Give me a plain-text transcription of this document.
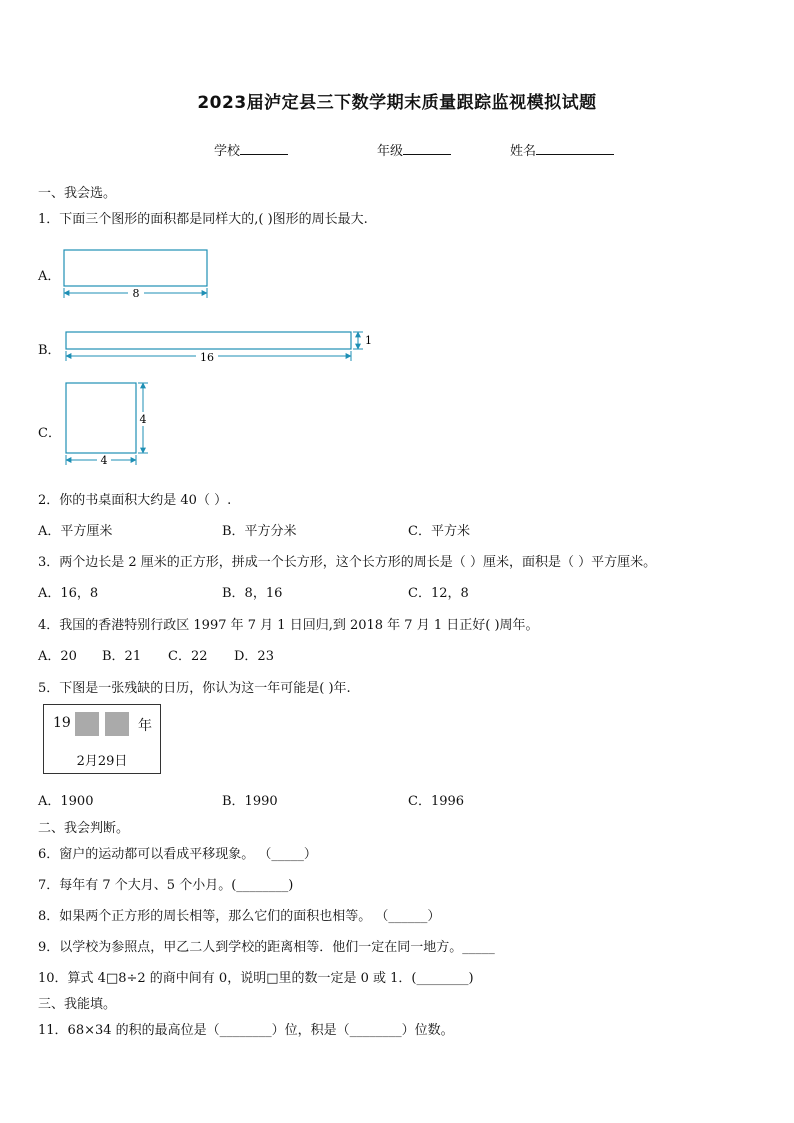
2023届泸定县三下数学期末质量跟踪监视模拟试题
学校	年级	姓名
一、我会选。
1．下面三个图形的面积都是同样大的,( )图形的周长最大.
A．
B．
C．
8
16
1
4
4
2．你的书桌面积大约是 40（ ）.
A．平方厘米	B．平方分米	C．平方米
3．两个边长是 2 厘米的正方形，拼成一个长方形，这个长方形的周长是（ ）厘米，面积是（ ）平方厘米。
A．16，8	B．8，16	C．12，8
4．我国的香港特别行政区 1997 年 7 月 1 日回归,到 2018 年 7 月 1 日正好( )周年。
A．20 B．21 C．22 D．23
5．下图是一张残缺的日历，你认为这一年可能是( )年.
19	年
2月29日
A．1900	B．1990	C．1996
二、我会判断。
6．窗户的运动都可以看成平移现象。 （_____）
7．每年有 7 个大月、5 个小月。(________)
8．如果两个正方形的周长相等，那么它们的面积也相等。 （______）
9．以学校为参照点，甲乙二人到学校的距离相等．他们一定在同一地方。_____
10．算式 4□8÷2 的商中间有 0，说明□里的数一定是 0 或 1．(________)
三、我能填。
11．68×34 的积的最高位是（________）位，积是（________）位数。
